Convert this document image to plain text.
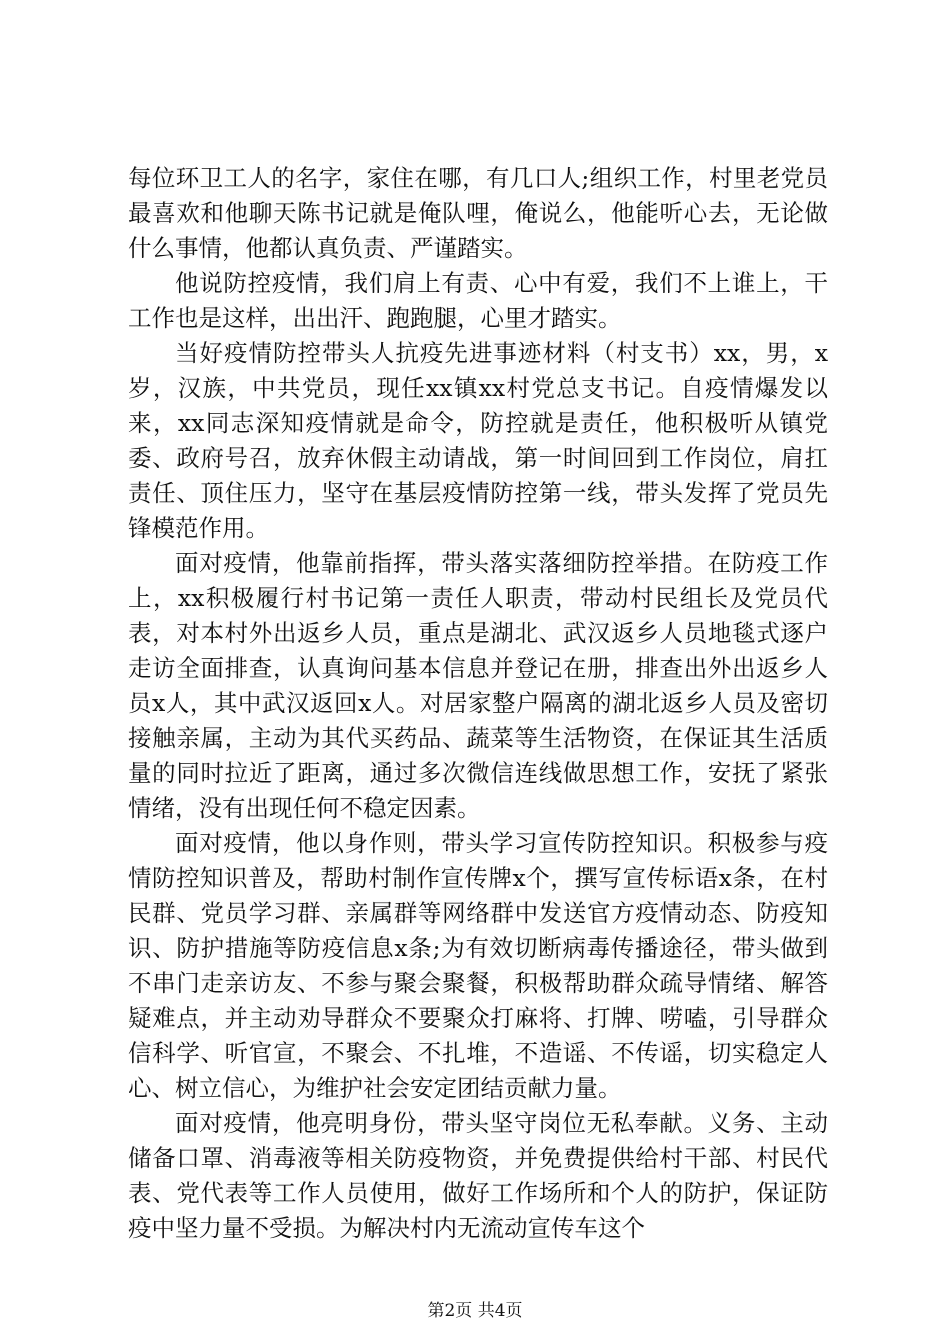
每位环卫工人的名字，家住在哪，有几口人;组织工作，村里老党员最喜欢和他聊天陈书记就是俺队哩，俺说么，他能听心去，无论做什么事情，他都认真负责、严谨踏实。

他说防控疫情，我们肩上有责、心中有爱，我们不上谁上，干工作也是这样，出出汗、跑跑腿，心里才踏实。

当好疫情防控带头人抗疫先进事迹材料（村支书）xx，男，x岁，汉族，中共党员，现任xx镇xx村党总支书记。自疫情爆发以来，xx同志深知疫情就是命令，防控就是责任，他积极听从镇党委、政府号召，放弃休假主动请战，第一时间回到工作岗位，肩扛责任、顶住压力，坚守在基层疫情防控第一线，带头发挥了党员先锋模范作用。

面对疫情，他靠前指挥，带头落实落细防控举措。在防疫工作上，xx积极履行村书记第一责任人职责，带动村民组长及党员代表，对本村外出返乡人员，重点是湖北、武汉返乡人员地毯式逐户走访全面排查，认真询问基本信息并登记在册，排查出外出返乡人员x人，其中武汉返回x人。对居家整户隔离的湖北返乡人员及密切接触亲属，主动为其代买药品、蔬菜等生活物资，在保证其生活质量的同时拉近了距离，通过多次微信连线做思想工作，安抚了紧张情绪，没有出现任何不稳定因素。

面对疫情，他以身作则，带头学习宣传防控知识。积极参与疫情防控知识普及，帮助村制作宣传牌x个，撰写宣传标语x条，在村民群、党员学习群、亲属群等网络群中发送官方疫情动态、防疫知识、防护措施等防疫信息x条;为有效切断病毒传播途径，带头做到不串门走亲访友、不参与聚会聚餐，积极帮助群众疏导情绪、解答疑难点，并主动劝导群众不要聚众打麻将、打牌、唠嗑，引导群众信科学、听官宣，不聚会、不扎堆，不造谣、不传谣，切实稳定人心、树立信心，为维护社会安定团结贡献力量。

面对疫情，他亮明身份，带头坚守岗位无私奉献。义务、主动储备口罩、消毒液等相关防疫物资，并免费提供给村干部、村民代表、党代表等工作人员使用，做好工作场所和个人的防护，保证防疫中坚力量不受损。为解决村内无流动宣传车这个

第2页 共4页
